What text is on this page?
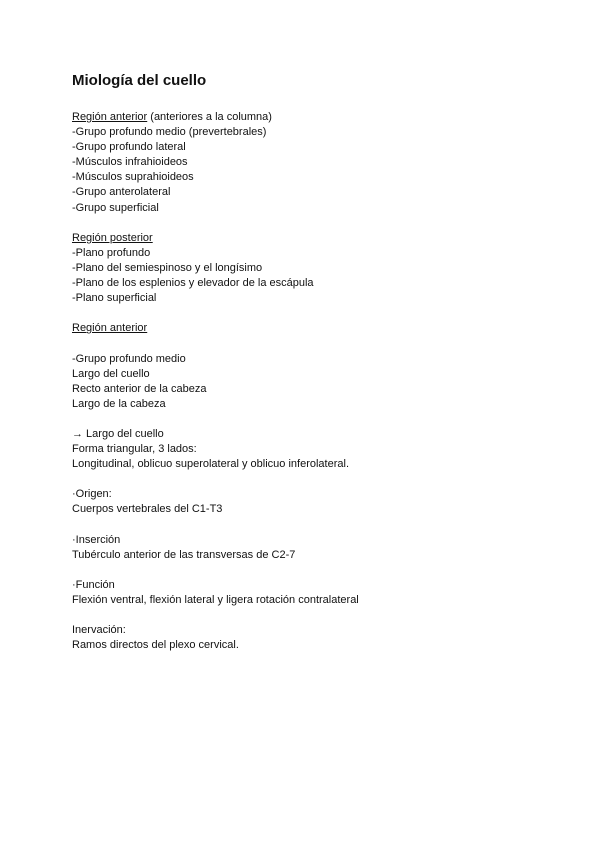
Miología del cuello
Región anterior (anteriores a la columna)
-Grupo profundo medio (prevertebrales)
-Grupo profundo lateral
-Músculos infrahioideos
-Músculos suprahioideos
-Grupo anterolateral
-Grupo superficial
Región posterior
-Plano profundo
-Plano del semiespinoso y el longísimo
-Plano de los esplenios y elevador de la escápula
-Plano superficial
Región anterior
-Grupo profundo medio
Largo del cuello
Recto anterior de la cabeza
Largo de la cabeza
→ Largo del cuello
Forma triangular, 3 lados:
Longitudinal, oblicuo superolateral y oblicuo inferolateral.
·Origen:
Cuerpos vertebrales del C1-T3
·Inserción
Tubérculo anterior de las transversas de C2-7
·Función
Flexión ventral, flexión lateral y ligera rotación contralateral
Inervación:
Ramos directos del plexo cervical.
